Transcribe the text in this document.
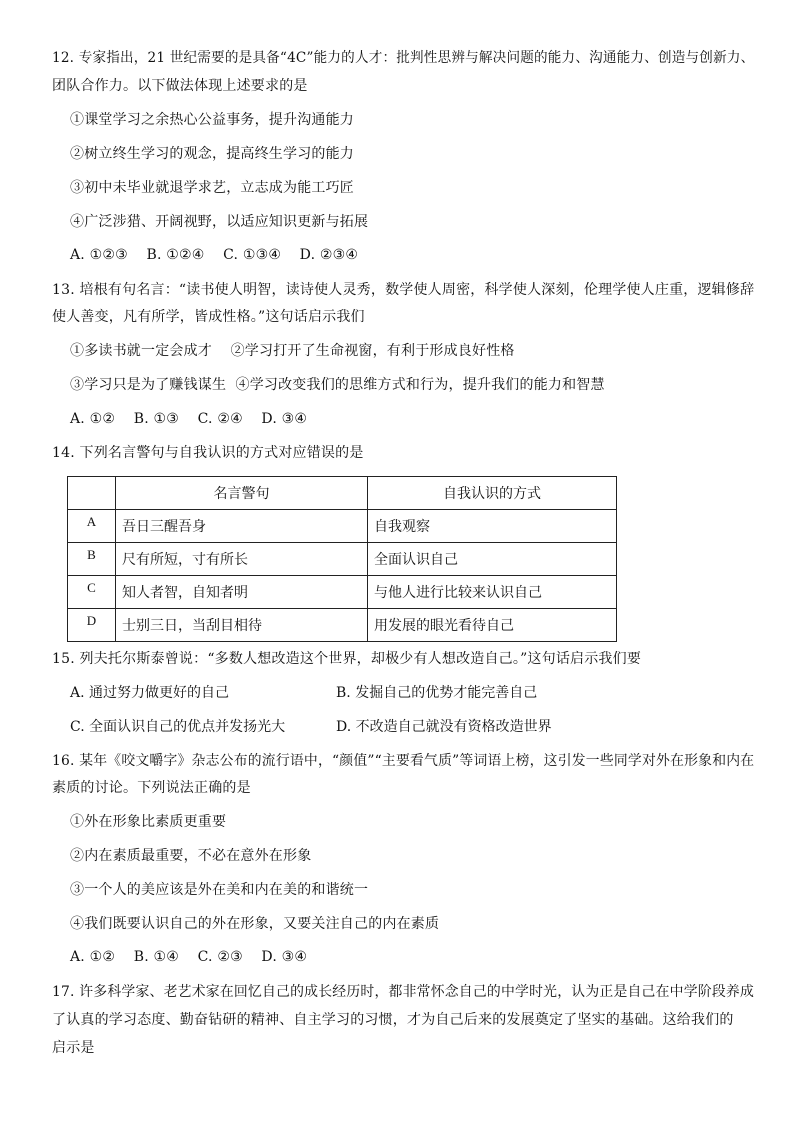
12. 专家指出，21 世纪需要的是具备“4C”能力的人才：批判性思辨与解决问题的能力、沟通能力、创造与创新力、
团队合作力。以下做法体现上述要求的是
①课堂学习之余热心公益事务，提升沟通能力
②树立终生学习的观念，提高终生学习的能力
③初中未毕业就退学求艺，立志成为能工巧匠
④广泛涉猎、开阔视野，以适应知识更新与拓展
A. ①②③    B. ①②④    C. ①③④    D. ②③④
13. 培根有句名言：“读书使人明智，读诗使人灵秀，数学使人周密，科学使人深刻，伦理学使人庄重，逻辑修辞
使人善变，凡有所学，皆成性格。”这句话启示我们
①多读书就一定会成才    ②学习打开了生命视窗，有利于形成良好性格
③学习只是为了赚钱谋生  ④学习改变我们的思维方式和行为，提升我们的能力和智慧
A. ①②    B. ①③    C. ②④    D. ③④
14. 下列名言警句与自我认识的方式对应错误的是
	名言警句	自我认识的方式
A	吾日三醒吾身	自我观察
B	尺有所短，寸有所长	全面认识自己
C	知人者智，自知者明	与他人进行比较来认识自己
D	士别三日，当刮目相待	用发展的眼光看待自己
15. 列夫托尔斯泰曾说：“多数人想改造这个世界，却极少有人想改造自己。”这句话启示我们要
A. 通过努力做更好的自己	B. 发掘自己的优势才能完善自己
C. 全面认识自己的优点并发扬光大	D. 不改造自己就没有资格改造世界
16. 某年《咬文嚼字》杂志公布的流行语中，“颜值”“主要看气质”等词语上榜，这引发一些同学对外在形象和内在
素质的讨论。下列说法正确的是
①外在形象比素质更重要
②内在素质最重要，不必在意外在形象
③一个人的美应该是外在美和内在美的和谐统一
④我们既要认识自己的外在形象，又要关注自己的内在素质
A. ①②    B. ①④    C. ②③    D. ③④
17. 许多科学家、老艺术家在回忆自己的成长经历时，都非常怀念自己的中学时光，认为正是自己在中学阶段养成
了认真的学习态度、勤奋钻研的精神、自主学习的习惯，才为自己后来的发展奠定了坚实的基础。这给我们的
启示是
